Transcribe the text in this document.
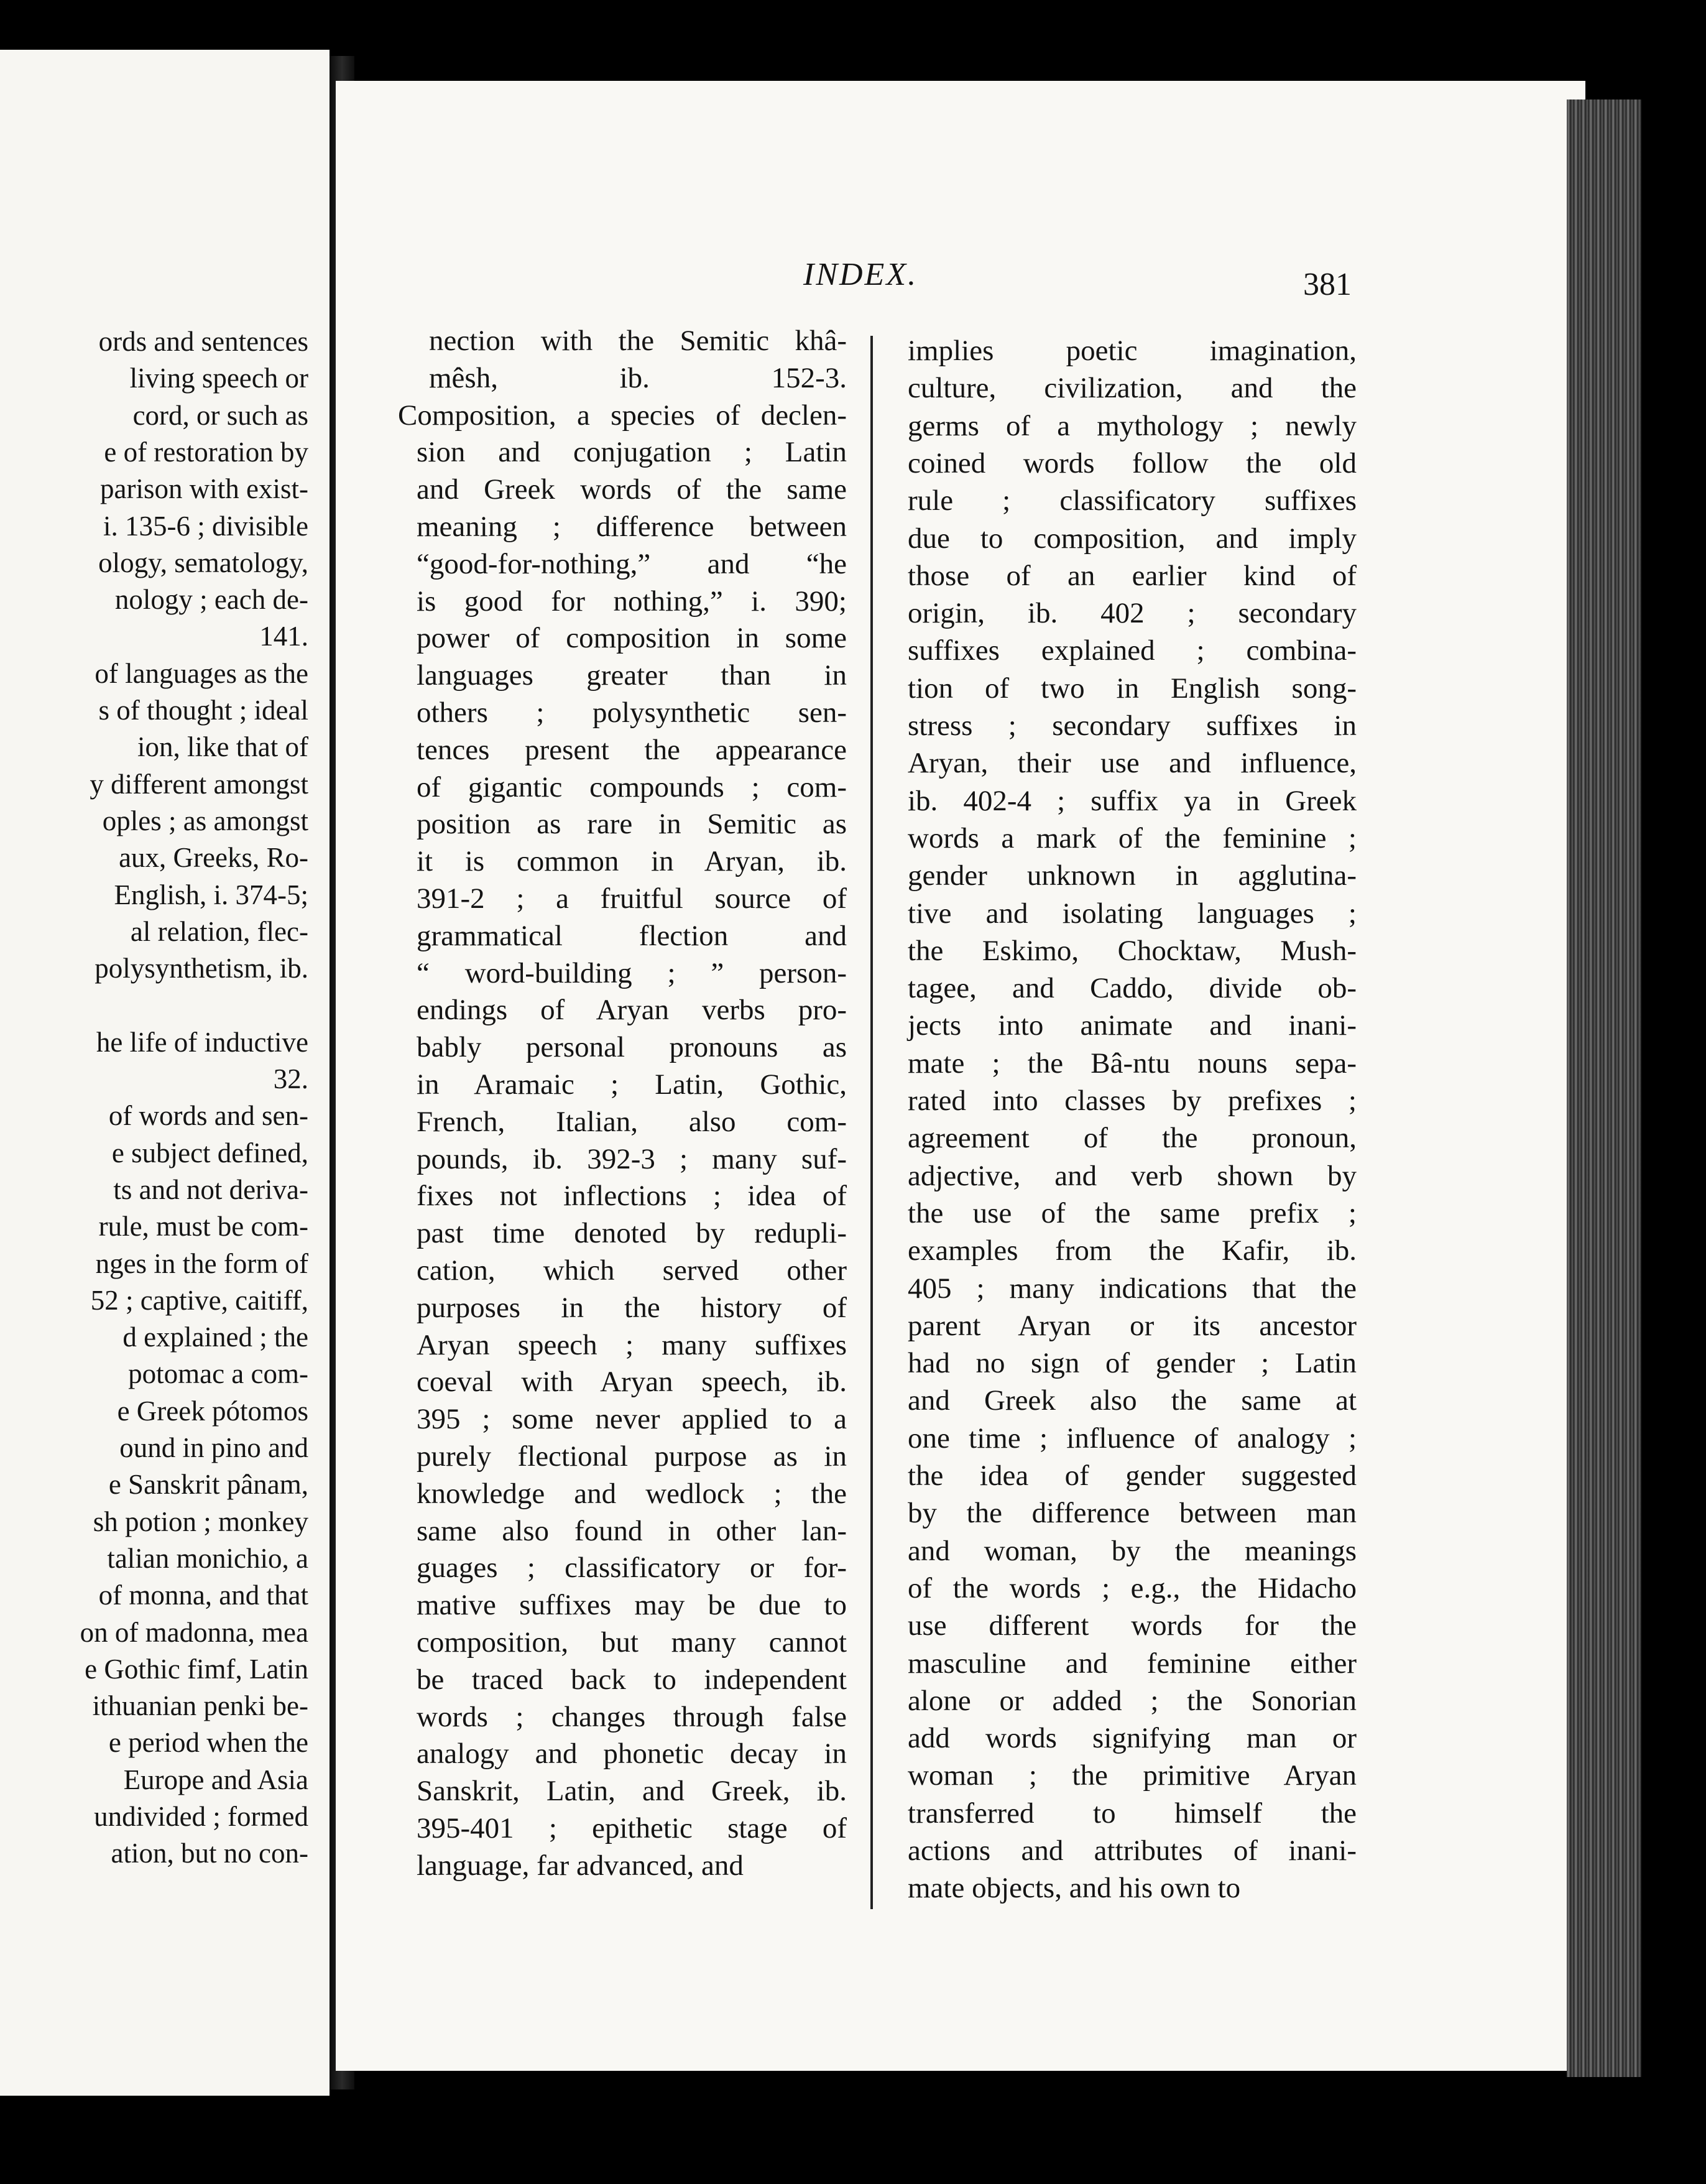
ords and sentences
living speech or
cord, or such as
e of restoration by
parison with exist-
i. 135-6 ; divisible
ology, sematology,
nology ; each de-
141.
of languages as the
s of thought ; ideal
ion, like that of
y different amongst
oples ; as amongst
aux, Greeks, Ro-
English, i. 374-5;
al relation, flec-
polysynthetism, ib.
he life of inductive
32.
of words and sen-
e subject defined,
ts and not deriva-
rule, must be com-
nges in the form of
52 ; captive, caitiff,
d explained ; the
potomac a com-
e Greek pótomos
ound in pino and
e Sanskrit pânam,
sh potion ; monkey
talian monichio, a
of monna, and that
on of madonna, mea
e Gothic fimf, Latin
ithuanian penki be-
e period when the
Europe and Asia
undivided ; formed
ation, but no con-
INDEX.	381
nection with the Semitic khâ-
mêsh, ib. 152-3.
Composition, a species of declen-
sion and conjugation ; Latin
and Greek words of the same
meaning ; difference between
“good-for-nothing,” and “he
is good for nothing,” i. 390;
power of composition in some
languages greater than in
others ; polysynthetic sen-
tences present the appearance
of gigantic compounds ; com-
position as rare in Semitic as
it is common in Aryan, ib.
391-2 ; a fruitful source of
grammatical flection and
“ word-building ; ” person-
endings of Aryan verbs pro-
bably personal pronouns as
in Aramaic ; Latin, Gothic,
French, Italian, also com-
pounds, ib. 392-3 ; many suf-
fixes not inflections ; idea of
past time denoted by redupli-
cation, which served other
purposes in the history of
Aryan speech ; many suffixes
coeval with Aryan speech, ib.
395 ; some never applied to a
purely flectional purpose as in
knowledge and wedlock ; the
same also found in other lan-
guages ; classificatory or for-
mative suffixes may be due to
composition, but many cannot
be traced back to independent
words ; changes through false
analogy and phonetic decay in
Sanskrit, Latin, and Greek, ib.
395-401 ; epithetic stage of
language, far advanced, and
implies poetic imagination,
culture, civilization, and the
germs of a mythology ; newly
coined words follow the old
rule ; classificatory suffixes
due to composition, and imply
those of an earlier kind of
origin, ib. 402 ; secondary
suffixes explained ; combina-
tion of two in English song-
stress ; secondary suffixes in
Aryan, their use and influence,
ib. 402-4 ; suffix ya in Greek
words a mark of the feminine ;
gender unknown in agglutina-
tive and isolating languages ;
the Eskimo, Chocktaw, Mush-
tagee, and Caddo, divide ob-
jects into animate and inani-
mate ; the Bâ-ntu nouns sepa-
rated into classes by prefixes ;
agreement of the pronoun,
adjective, and verb shown by
the use of the same prefix ;
examples from the Kafir, ib.
405 ; many indications that the
parent Aryan or its ancestor
had no sign of gender ; Latin
and Greek also the same at
one time ; influence of analogy ;
the idea of gender suggested
by the difference between man
and woman, by the meanings
of the words ; e.g., the Hidacho
use different words for the
masculine and feminine either
alone or added ; the Sonorian
add words signifying man or
woman ; the primitive Aryan
transferred to himself the
actions and attributes of inani-
mate objects, and his own to
